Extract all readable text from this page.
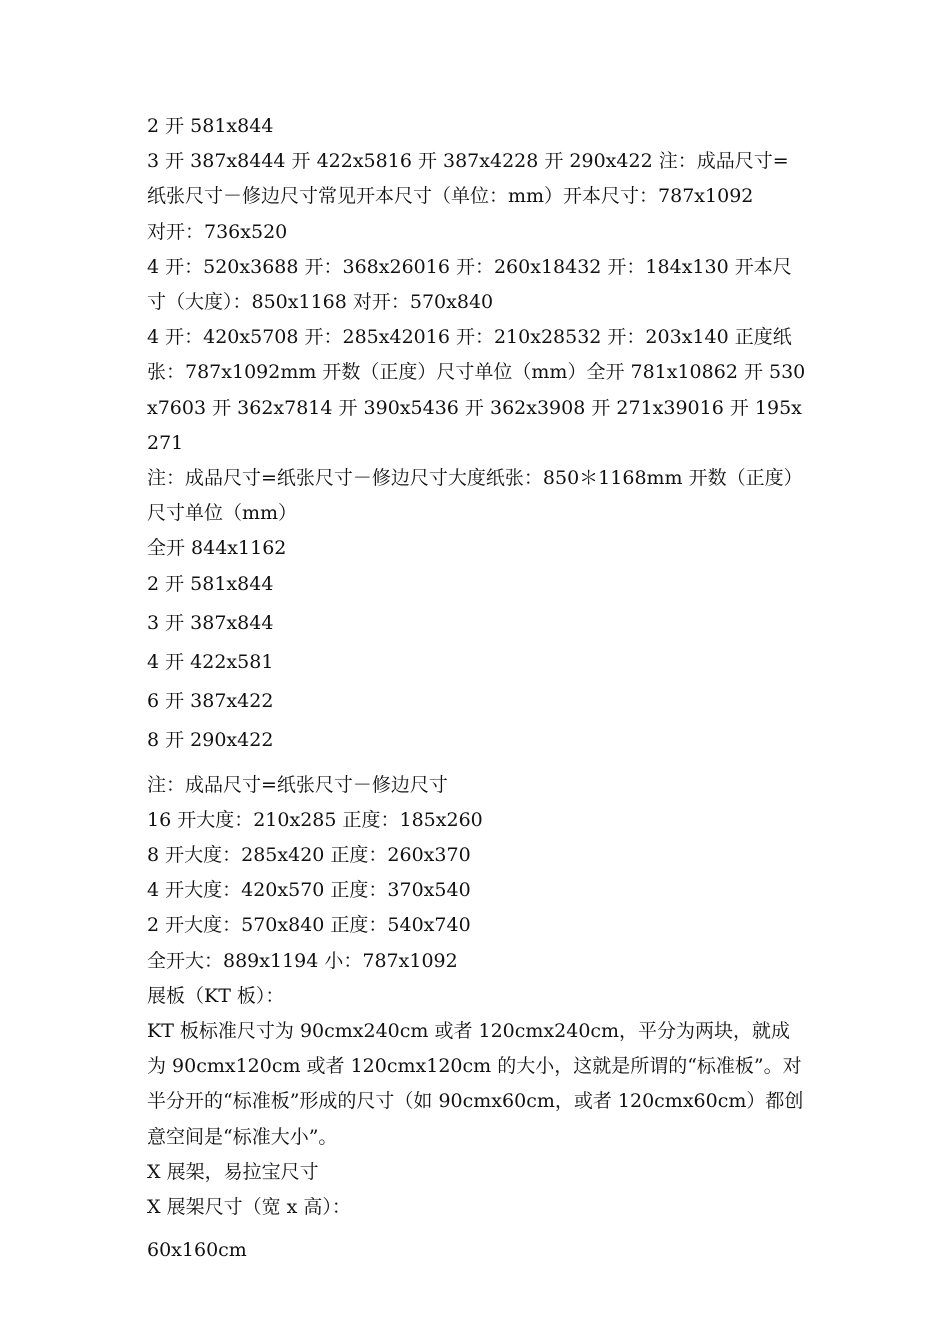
2 开 581x844

3 开 387x8444 开 422x5816 开 387x4228 开 290x422 注：成品尺寸=纸张尺寸－修边尺寸常见开本尺寸（单位：mm）开本尺寸：787x1092

对开：736x520

4 开：520x3688 开：368x26016 开：260x18432 开：184x130 开本尺寸（大度）：850x1168 对开：570x840

4 开：420x5708 开：285x42016 开：210x28532 开：203x140 正度纸张：787x1092mm 开数（正度）尺寸单位（mm）全开 781x10862 开 530x7603 开 362x7814 开 390x5436 开 362x3908 开 271x39016 开 195x271

注：成品尺寸=纸张尺寸－修边尺寸大度纸张：850＊1168mm 开数（正度）尺寸单位（mm）

全开 844x1162

2 开 581x844

3 开 387x844

4 开 422x581

6 开 387x422

8 开 290x422

注：成品尺寸=纸张尺寸－修边尺寸

16 开大度：210x285 正度：185x260

8 开大度：285x420 正度：260x370

4 开大度：420x570 正度：370x540

2 开大度：570x840 正度：540x740

全开大：889x1194 小：787x1092

展板（KT 板）：

KT 板标准尺寸为 90cmx240cm 或者 120cmx240cm，平分为两块，就成为 90cmx120cm 或者 120cmx120cm 的大小，这就是所谓的“标准板”。对半分开的“标准板”形成的尺寸（如 90cmx60cm，或者 120cmx60cm）都创意空间是“标准大小”。

X 展架，易拉宝尺寸

X 展架尺寸（宽 x 高）：

60x160cm
